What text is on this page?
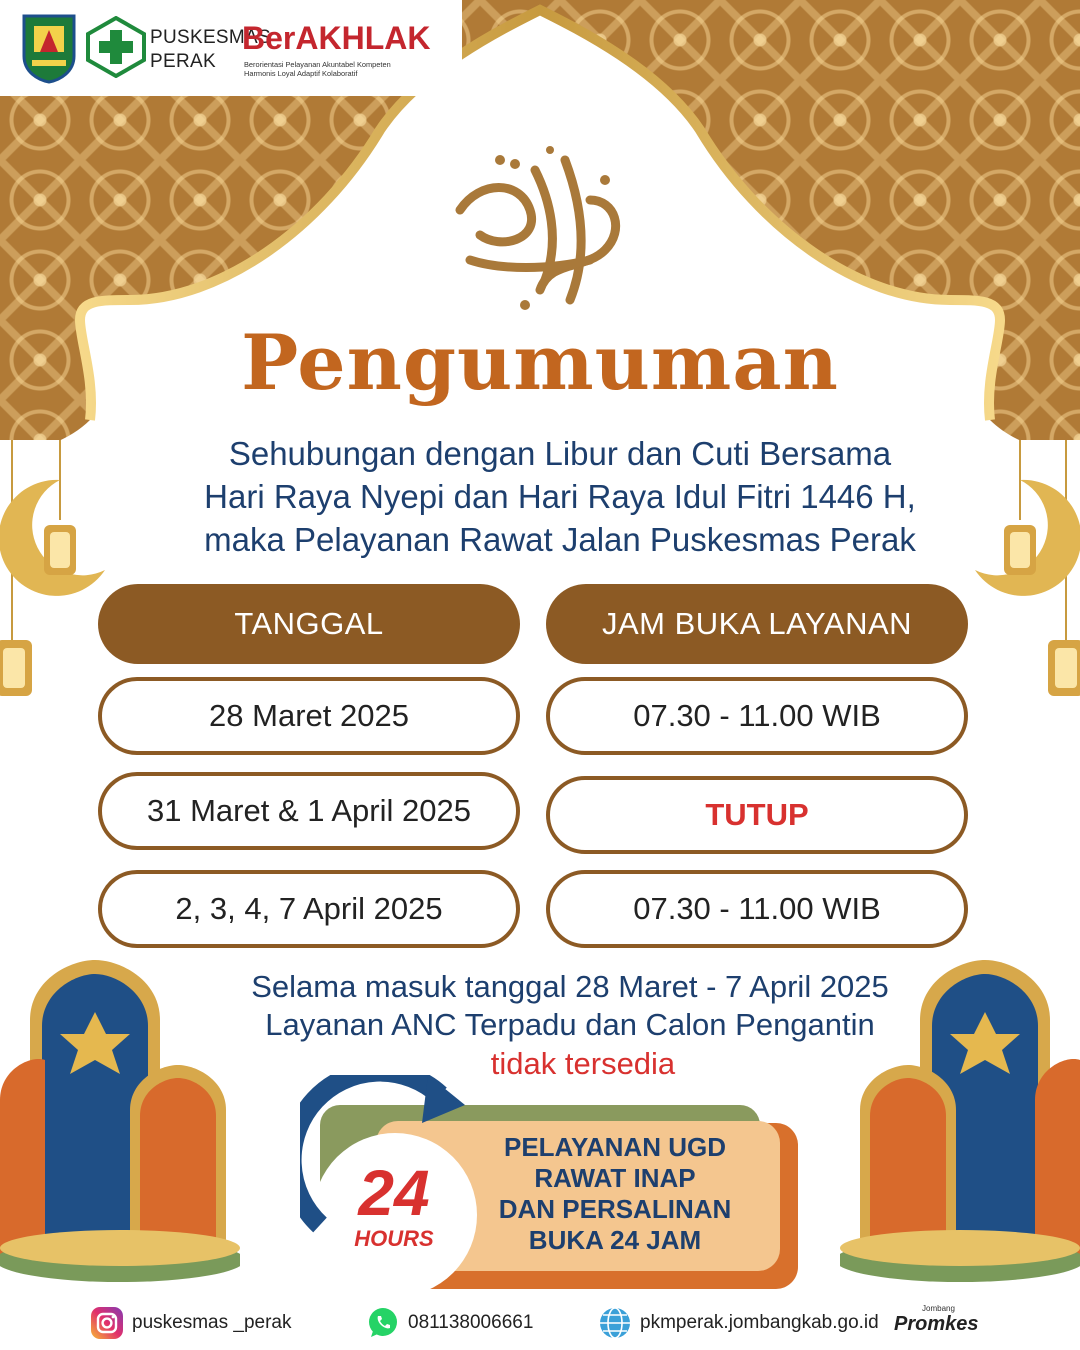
PUSKESMAS
PERAK
BerAKHLAK
Berorientasi Pelayanan Akuntabel Kompeten
Harmonis Loyal Adaptif Kolaboratif
Pengumuman
Sehubungan dengan Libur dan Cuti Bersama
Hari Raya Nyepi dan Hari Raya Idul Fitri 1446 H,
maka Pelayanan Rawat Jalan Puskesmas Perak
TANGGAL	JAM BUKA LAYANAN
28 Maret 2025	07.30 - 11.00 WIB
31 Maret & 1 April 2025	TUTUP
2, 3, 4, 7 April 2025	07.30 - 11.00 WIB
Selama masuk tanggal 28 Maret - 7 April 2025
Layanan ANC Terpadu dan Calon Pengantin
tidak tersedia
24
HOURS
PELAYANAN UGD
RAWAT INAP
DAN PERSALINAN
BUKA 24 JAM
puskesmas _perak	081138006661	pkmperak.jombangkab.go.id
Jombang
Promkes
